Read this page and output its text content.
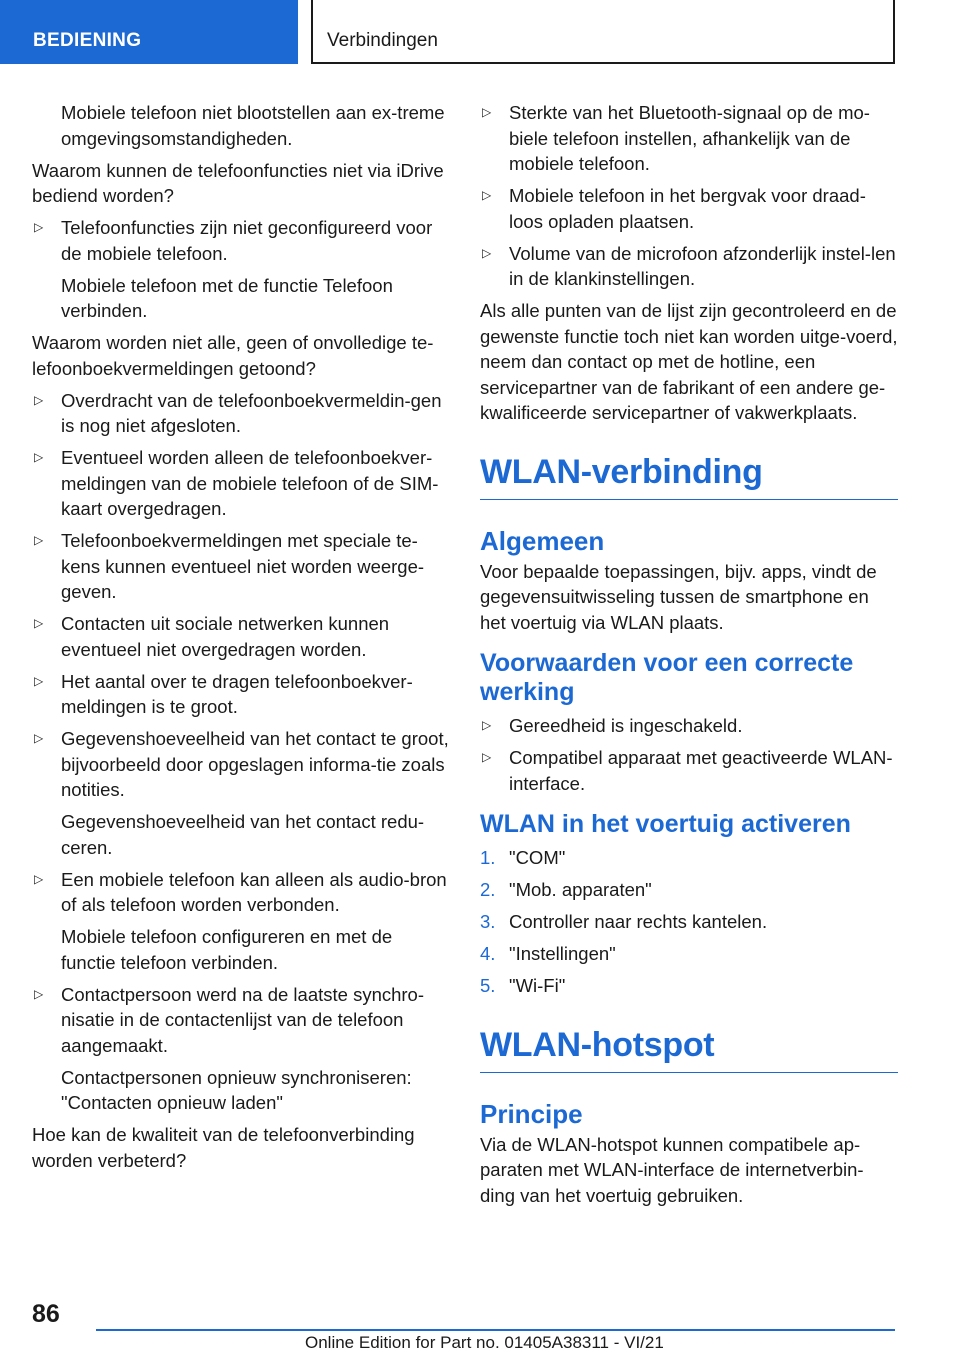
BEDIENING	Verbindingen
Mobiele telefoon niet blootstellen aan ex-treme omgevingsomstandigheden.
Waarom kunnen de telefoonfuncties niet via iDrive bediend worden?
▷ Telefoonfuncties zijn niet geconfigureerd voor de mobiele telefoon.
Mobiele telefoon met de functie Telefoon verbinden.
Waarom worden niet alle, geen of onvolledige te-lefoonboekvermeldingen getoond?
▷ Overdracht van de telefoonboekvermeldin-gen is nog niet afgesloten.
▷ Eventueel worden alleen de telefoonboekver-meldingen van de mobiele telefoon of de SIM-kaart overgedragen.
▷ Telefoonboekvermeldingen met speciale te-kens kunnen eventueel niet worden weerge-geven.
▷ Contacten uit sociale netwerken kunnen eventueel niet overgedragen worden.
▷ Het aantal over te dragen telefoonboekver-meldingen is te groot.
▷ Gegevenshoeveelheid van het contact te groot, bijvoorbeeld door opgeslagen informa-tie zoals notities.
Gegevenshoeveelheid van het contact redu-ceren.
▷ Een mobiele telefoon kan alleen als audio-bron of als telefoon worden verbonden.
Mobiele telefoon configureren en met de functie telefoon verbinden.
▷ Contactpersoon werd na de laatste synchro-nisatie in de contactenlijst van de telefoon aangemaakt.
Contactpersonen opnieuw synchroniseren: "Contacten opnieuw laden"
Hoe kan de kwaliteit van de telefoonverbinding worden verbeterd?
▷ Sterkte van het Bluetooth-signaal op de mo-biele telefoon instellen, afhankelijk van de mobiele telefoon.
▷ Mobiele telefoon in het bergvak voor draad-loos opladen plaatsen.
▷ Volume van de microfoon afzonderlijk instel-len in de klankinstellingen.
Als alle punten van de lijst zijn gecontroleerd en de gewenste functie toch niet kan worden uitge-voerd, neem dan contact op met de hotline, een servicepartner van de fabrikant of een andere ge-kwalificeerde servicepartner of vakwerkplaats.
WLAN-verbinding
Algemeen
Voor bepaalde toepassingen, bijv. apps, vindt de gegevensuitwisseling tussen de smartphone en het voertuig via WLAN plaats.
Voorwaarden voor een correcte werking
▷ Gereedheid is ingeschakeld.
▷ Compatibel apparaat met geactiveerde WLAN-interface.
WLAN in het voertuig activeren
1. "COM"
2. "Mob. apparaten"
3. Controller naar rechts kantelen.
4. "Instellingen"
5. "Wi-Fi"
WLAN-hotspot
Principe
Via de WLAN-hotspot kunnen compatibele ap-paraten met WLAN-interface de internetverbin-ding van het voertuig gebruiken.
86
Online Edition for Part no. 01405A38311 - VI/21
